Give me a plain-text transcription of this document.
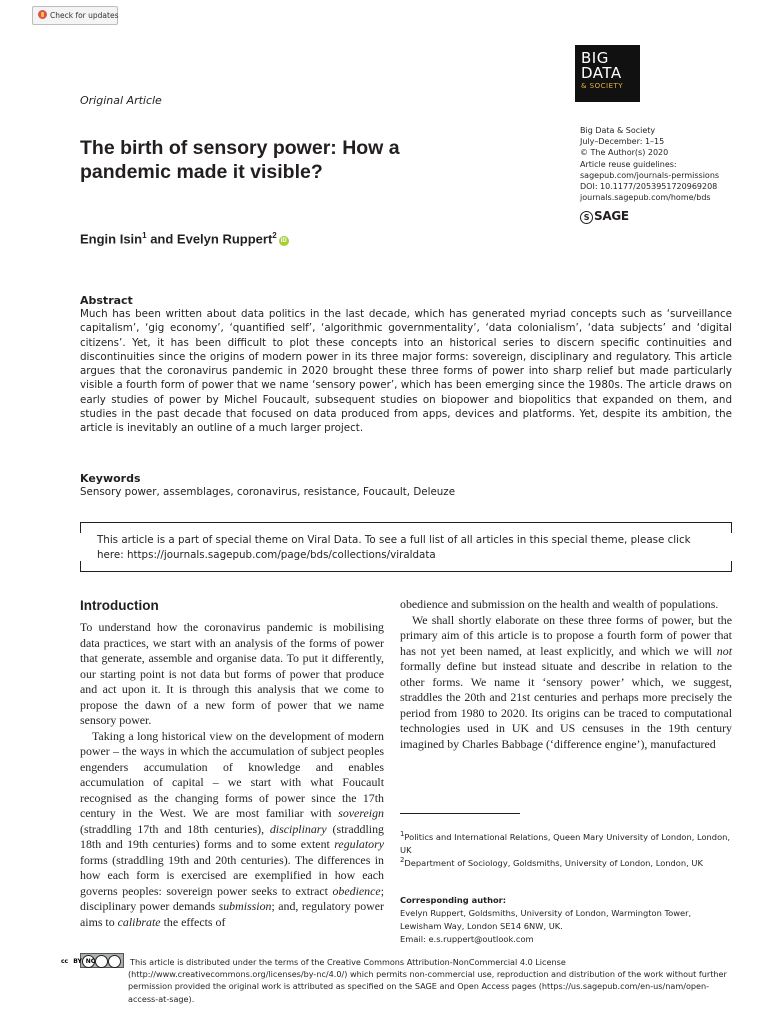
Check for updates
BIG
DATA
& SOCIETY
Original Article
The birth of sensory power: How a pandemic made it visible?
Big Data & Society
July–December: 1–15
© The Author(s) 2020
Article reuse guidelines:
sagepub.com/journals-permissions
DOI: 10.1177/2053951720969208
journals.sagepub.com/home/bds
S SAGE
Engin Isin$^1$ and Evelyn Ruppert$^2$iD
Abstract
Much has been written about data politics in the last decade, which has generated myriad concepts such as ‘surveillance capitalism’, ‘gig economy’, ‘quantified self’, ‘algorithmic governmentality’, ‘data colonialism’, ‘data subjects’ and ‘digital citizens’. Yet, it has been difficult to plot these concepts into an historical series to discern specific continuities and discontinuities since the origins of modern power in its three major forms: sovereign, disciplinary and regulatory. This article argues that the coronavirus pandemic in 2020 brought these three forms of power into sharp relief but made particularly visible a fourth form of power that we name ‘sensory power’, which has been emerging since the 1980s. The article draws on early studies of power by Michel Foucault, subsequent studies on biopower and biopolitics that expanded on them, and studies in the past decade that focused on data produced from apps, devices and platforms. Yet, despite its ambition, the article is inevitably an outline of a much larger project.
Keywords
Sensory power, assemblages, coronavirus, resistance, Foucault, Deleuze
This article is a part of special theme on Viral Data. To see a full list of all articles in this special theme, please click here: https://journals.sagepub.com/page/bds/collections/viraldata
Introduction

To understand how the coronavirus pandemic is mobilising data practices, we start with an analysis of the forms of power that generate, assemble and organise data. To put it differently, our starting point is not data but forms of power that produce and act upon it. It is through this analysis that we come to propose the dawn of a new form of power that we name sensory power.

Taking a long historical view on the development of modern power – the ways in which the accumulation of subject peoples engenders accumulation of knowledge and enables accumulation of capital – we start with what Foucault recognised as the changing forms of power since the 17th century in the West. We are most familiar with sovereign (straddling 17th and 18th centuries), disciplinary (straddling 18th and 19th centuries) forms and to some extent regulatory forms (straddling 19th and 20th centuries). The differences in how each form is exercised are exemplified in how each governs peoples: sovereign power seeks to extract obedience; disciplinary power demands submission; and, regulatory power aims to calibrate the effects of

obedience and submission on the health and wealth of populations.

We shall shortly elaborate on these three forms of power, but the primary aim of this article is to propose a fourth form of power that has not yet been named, at least explicitly, and which we will not formally define but instead situate and describe in relation to the other forms. We name it ‘sensory power’ which, we suggest, straddles the 20th and 21st centuries and perhaps more precisely the period from 1980 to 2020. Its origins can be traced to computational technologies used in UK and US censuses in the 19th century imagined by Charles Babbage (‘difference engine’), manufactured

$^1$Politics and International Relations, Queen Mary University of London, London, UK
$^2$Department of Sociology, Goldsmiths, University of London, London, UK
Corresponding author:
Evelyn Ruppert, Goldsmiths, University of London, Warmington Tower, Lewisham Way, London SE14 6NW, UK.
Email: e.s.ruppert@outlook.com
cc BY NC	This article is distributed under the terms of the Creative Commons Attribution-NonCommercial 4.0 License (http://www.creativecommons.org/licenses/by-nc/4.0/) which permits non-commercial use, reproduction and distribution of the work without further permission provided the original work is attributed as specified on the SAGE and Open Access pages (https://us.sagepub.com/en-us/nam/open-access-at-sage).
